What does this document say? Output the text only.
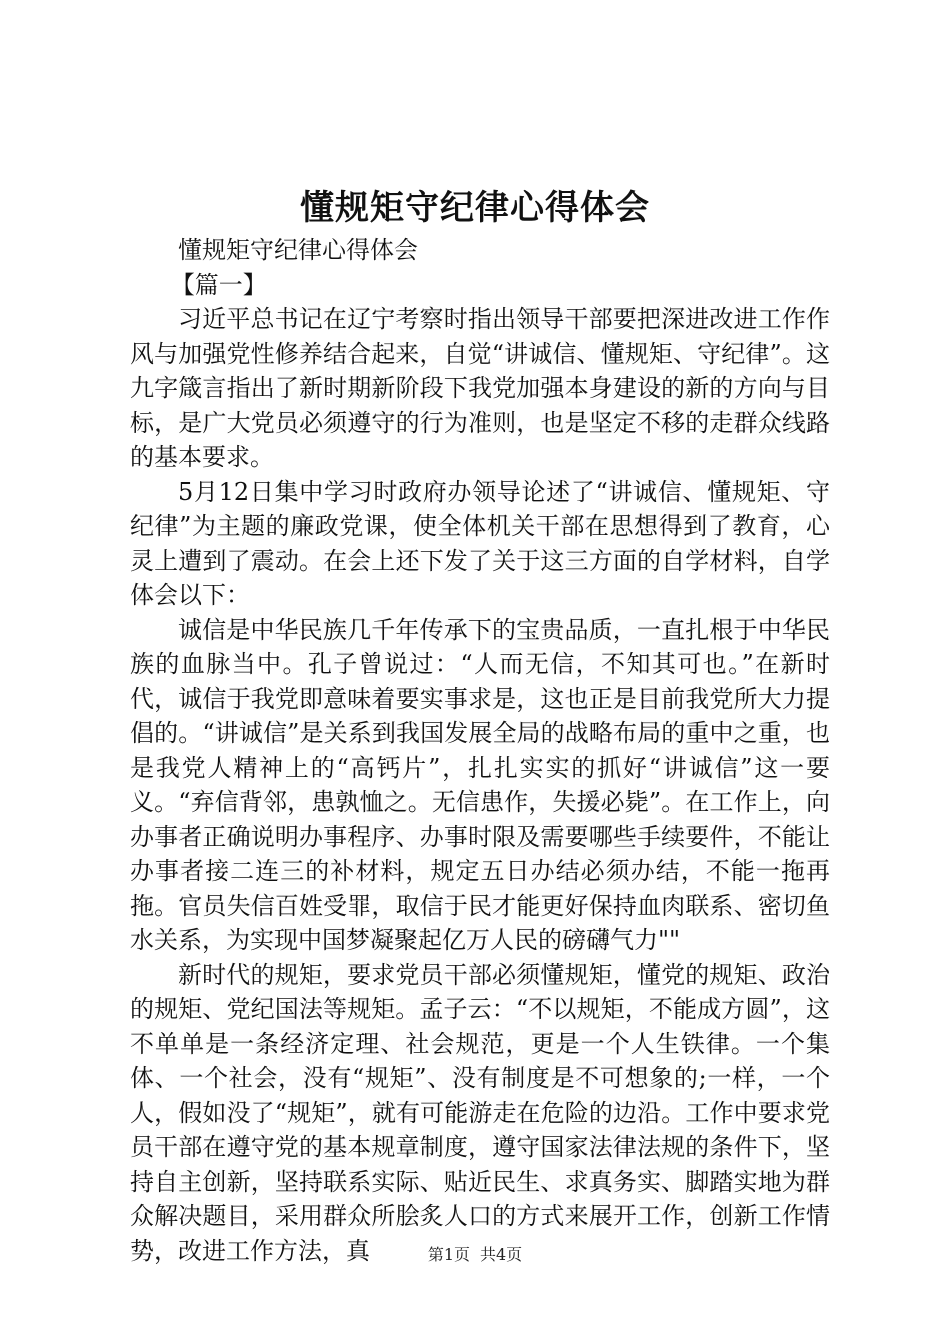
懂规矩守纪律心得体会

懂规矩守纪律心得体会

【篇一】

习近平总书记在辽宁考察时指出领导干部要把深进改进工作作风与加强党性修养结合起来，自觉“讲诚信、懂规矩、守纪律”。这九字箴言指出了新时期新阶段下我党加强本身建设的新的方向与目标，是广大党员必须遵守的行为准则，也是坚定不移的走群众线路的基本要求。

5月12日集中学习时政府办领导论述了“讲诚信、懂规矩、守纪律”为主题的廉政党课，使全体机关干部在思想得到了教育，心灵上遭到了震动。在会上还下发了关于这三方面的自学材料，自学体会以下：

诚信是中华民族几千年传承下的宝贵品质，一直扎根于中华民族的血脉当中。孔子曾说过：“人而无信，不知其可也。”在新时代，诚信于我党即意味着要实事求是，这也正是目前我党所大力提倡的。“讲诚信”是关系到我国发展全局的战略布局的重中之重，也是我党人精神上的“高钙片”，扎扎实实的抓好“讲诚信”这一要义。“弃信背邻，患孰恤之。无信患作，失援必毙”。在工作上，向办事者正确说明办事程序、办事时限及需要哪些手续要件，不能让办事者接二连三的补材料，规定五日办结必须办结，不能一拖再拖。官员失信百姓受罪，取信于民才能更好保持血肉联系、密切鱼水关系，为实现中国梦凝聚起亿万人民的磅礴气力""

新时代的规矩，要求党员干部必须懂规矩，懂党的规矩、政治的规矩、党纪国法等规矩。孟子云：“不以规矩，不能成方圆”，这不单单是一条经济定理、社会规范，更是一个人生铁律。一个集体、一个社会，没有“规矩”、没有制度是不可想象的;一样，一个人，假如没了“规矩”，就有可能游走在危险的边沿。工作中要求党员干部在遵守党的基本规章制度，遵守国家法律法规的条件下，坚持自主创新，坚持联系实际、贴近民生、求真务实、脚踏实地为群众解决题目，采用群众所脍炙人口的方式来展开工作，创新工作情势，改进工作方法，真	第1页 共4页
